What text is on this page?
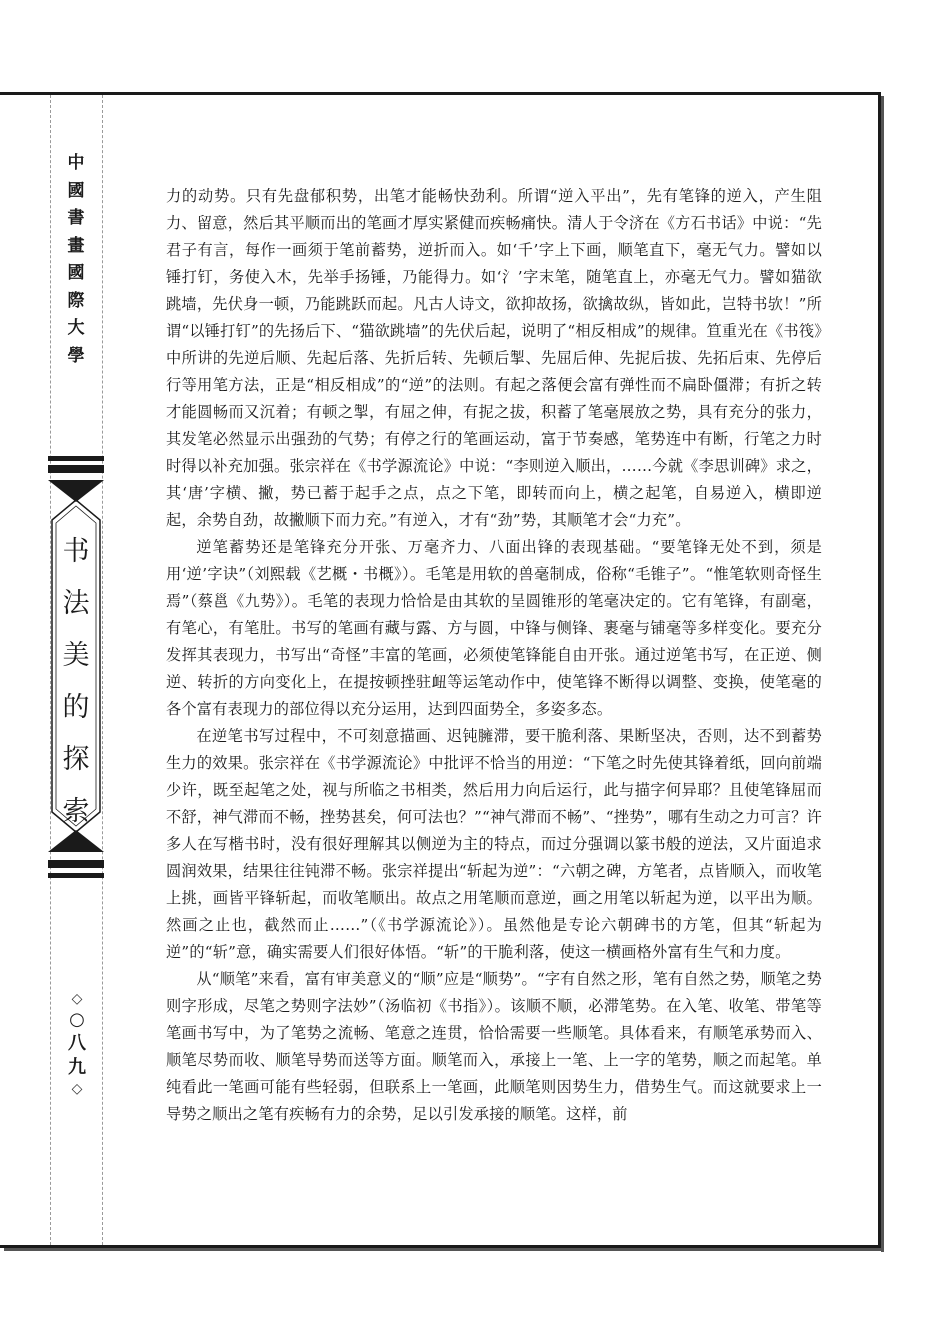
中
國
書
畫
國
際
大
學
书
法
美
的
探
索
◇
○
八
九
◇

力的动势。只有先盘郁积势，出笔才能畅快劲利。所谓“逆入平出”，先有笔锋的逆入，产生阻力、留意，然后其平顺而出的笔画才厚实紧健而疾畅痛快。清人于令济在《方石书话》中说：“先君子有言，每作一画须于笔前蓄势，逆折而入。如‘千’字上下画，顺笔直下，毫无气力。譬如以锤打钉，务使入木，先举手扬锤，乃能得力。如‘氵’字末笔，随笔直上，亦毫无气力。譬如猫欲跳墙，先伏身一顿，乃能跳跃而起。凡古人诗文，欲抑故扬，欲擒故纵，皆如此，岂特书欤！”所谓“以锤打钉”的先扬后下、“猫欲跳墙”的先伏后起，说明了“相反相成”的规律。笪重光在《书筏》中所讲的先逆后顺、先起后落、先折后转、先顿后掣、先屈后伸、先抳后拔、先拓后束、先停后行等用笔方法，正是“相反相成”的“逆”的法则。有起之落便会富有弹性而不扁卧僵滞；有折之转才能圆畅而又沉着；有顿之掣，有屈之伸，有抳之拔，积蓄了笔毫展放之势，具有充分的张力，其发笔必然显示出强劲的气势；有停之行的笔画运动，富于节奏感，笔势连中有断，行笔之力时时得以补充加强。张宗祥在《书学源流论》中说：“李则逆入顺出，……今就《李思训碑》求之，其‘唐’字横、撇，势已蓄于起手之点，点之下笔，即转而向上，横之起笔，自易逆入，横即逆起，余势自劲，故撇顺下而力充。”有逆入，才有“劲”势，其顺笔才会“力充”。

逆笔蓄势还是笔锋充分开张、万毫齐力、八面出锋的表现基础。“要笔锋无处不到，须是用‘逆’字诀”（刘熙载《艺概・书概》）。毛笔是用软的兽毫制成，俗称“毛锥子”。“惟笔软则奇怪生焉”（蔡邕《九势》）。毛笔的表现力恰恰是由其软的呈圆锥形的笔毫决定的。它有笔锋，有副毫，有笔心，有笔肚。书写的笔画有藏与露、方与圆，中锋与侧锋、裹毫与铺毫等多样变化。要充分发挥其表现力，书写出“奇怪”丰富的笔画，必须使笔锋能自由开张。通过逆笔书写，在正逆、侧逆、转折的方向变化上，在提按顿挫驻衄等运笔动作中，使笔锋不断得以调整、变换，使笔毫的各个富有表现力的部位得以充分运用，达到四面势全，多姿多态。

在逆笔书写过程中，不可刻意描画、迟钝臃滞，要干脆利落、果断坚决，否则，达不到蓄势生力的效果。张宗祥在《书学源流论》中批评不恰当的用逆：“下笔之时先使其锋着纸，回向前端少许，既至起笔之处，视与所临之书相类，然后用力向后运行，此与描字何异耶？且使笔锋屈而不舒，神气滞而不畅，挫势甚矣，何可法也？”“神气滞而不畅”、“挫势”，哪有生动之力可言？许多人在写楷书时，没有很好理解其以侧逆为主的特点，而过分强调以篆书般的逆法，又片面追求圆润效果，结果往往钝滞不畅。张宗祥提出“斩起为逆”：“六朝之碑，方笔者，点皆顺入，而收笔上挑，画皆平锋斩起，而收笔顺出。故点之用笔顺而意逆，画之用笔以斩起为逆，以平出为顺。然画之止也，截然而止……”（《书学源流论》）。虽然他是专论六朝碑书的方笔，但其“斩起为逆”的“斩”意，确实需要人们很好体悟。“斩”的干脆利落，使这一横画格外富有生气和力度。

从“顺笔”来看，富有审美意义的“顺”应是“顺势”。“字有自然之形，笔有自然之势，顺笔之势则字形成，尽笔之势则字法妙”（汤临初《书指》）。该顺不顺，必滞笔势。在入笔、收笔、带笔等笔画书写中，为了笔势之流畅、笔意之连贯，恰恰需要一些顺笔。具体看来，有顺笔承势而入、顺笔尽势而收、顺笔导势而送等方面。顺笔而入，承接上一笔、上一字的笔势，顺之而起笔。单纯看此一笔画可能有些轻弱，但联系上一笔画，此顺笔则因势生力，借势生气。而这就要求上一导势之顺出之笔有疾畅有力的余势，足以引发承接的顺笔。这样，前
